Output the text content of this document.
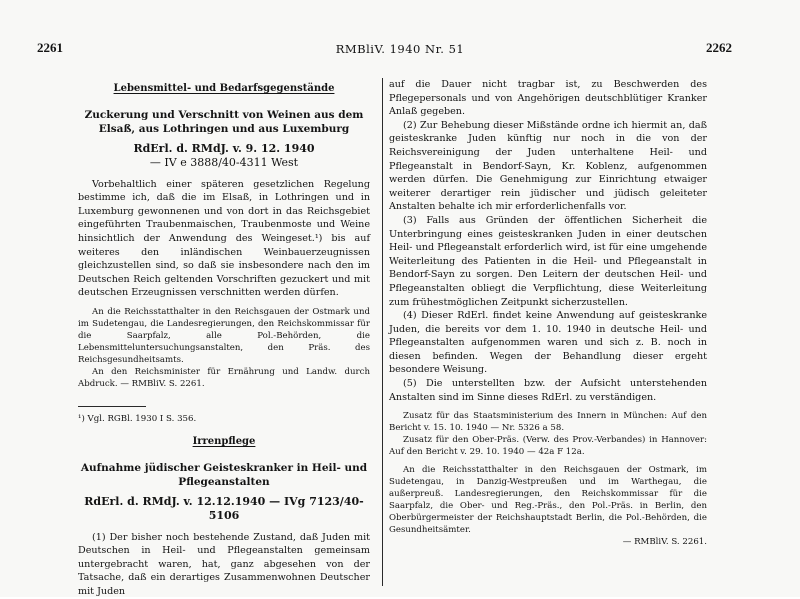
2261	RMBliV. 1940 Nr. 51	2262
Lebensmittel- und Bedarfsgegenstände
Zuckerung und Verschnitt von Weinen aus dem Elsaß, aus Lothringen und aus Luxemburg
RdErl. d. RMdJ. v. 9. 12. 1940
— IV e 3888/40-4311 West

Vorbehaltlich einer späteren gesetzlichen Regelung bestimme ich, daß die im Elsaß, in Lothringen und in Luxemburg gewonnenen und von dort in das Reichsgebiet eingeführten Traubenmaischen, Traubenmoste und Weine hinsichtlich der Anwendung des Weingeset.¹) bis auf weiteres den inländischen Weinbauerzeugnissen gleichzustellen sind, so daß sie insbesondere nach den im Deutschen Reich geltenden Vorschriften gezuckert und mit deutschen Erzeugnissen verschnitten werden dürfen.

An die Reichsstatthalter in den Reichsgauen der Ostmark und im Sudetengau, die Landesregierungen, den Reichskommissar für die Saarpfalz, alle Pol.-Behörden, die Lebensmitteluntersuchungsanstalten, den Präs. des Reichsgesundheitsamts.

An den Reichsminister für Ernährung und Landw. durch Abdruck. — RMBliV. S. 2261.

¹) Vgl. RGBl. 1930 I S. 356.

Irrenpflege
Aufnahme jüdischer Geisteskranker in Heil- und Pflegeanstalten
RdErl. d. RMdJ. v. 12.12.1940 — IVg 7123/40-5106

(1) Der bisher noch bestehende Zustand, daß Juden mit Deutschen in Heil- und Pflegeanstalten gemeinsam untergebracht waren, hat, ganz abgesehen von der Tatsache, daß ein derartiges Zusammenwohnen Deutscher mit Juden

auf die Dauer nicht tragbar ist, zu Beschwerden des Pflegepersonals und von Angehörigen deutschblütiger Kranker Anlaß gegeben.

(2) Zur Behebung dieser Mißstände ordne ich hiermit an, daß geisteskranke Juden künftig nur noch in die von der Reichsvereinigung der Juden unterhaltene Heil- und Pflegeanstalt in Bendorf-Sayn, Kr. Koblenz, aufgenommen werden dürfen. Die Genehmigung zur Einrichtung etwaiger weiterer derartiger rein jüdischer und jüdisch geleiteter Anstalten behalte ich mir erforderlichenfalls vor.

(3) Falls aus Gründen der öffentlichen Sicherheit die Unterbringung eines geisteskranken Juden in einer deutschen Heil- und Pflegeanstalt erforderlich wird, ist für eine umgehende Weiterleitung des Patienten in die Heil- und Pflegeanstalt in Bendorf-Sayn zu sorgen. Den Leitern der deutschen Heil- und Pflegeanstalten obliegt die Verpflichtung, diese Weiterleitung zum frühestmöglichen Zeitpunkt sicherzustellen.

(4) Dieser RdErl. findet keine Anwendung auf geisteskranke Juden, die bereits vor dem 1. 10. 1940 in deutsche Heil- und Pflegeanstalten aufgenommen waren und sich z. B. noch in diesen befinden. Wegen der Behandlung dieser ergeht besondere Weisung.

(5) Die unterstellten bzw. der Aufsicht unterstehenden Anstalten sind im Sinne dieses RdErl. zu verständigen.

Zusatz für das Staatsministerium des Innern in München: Auf den Bericht v. 15. 10. 1940 — Nr. 5326 a 58.

Zusatz für den Ober-Präs. (Verw. des Prov.-Verbandes) in Hannover: Auf den Bericht v. 29. 10. 1940 — 42a F 12a.

An die Reichsstatthalter in den Reichsgauen der Ostmark, im Sudetengau, in Danzig-Westpreußen und im Warthegau, die außerpreuß. Landesregierungen, den Reichskommissar für die Saarpfalz, die Ober- und Reg.-Präs., den Pol.-Präs. in Berlin, den Oberbürgermeister der Reichshauptstadt Berlin, die Pol.-Behörden, die Gesundheitsämter.

— RMBliV. S. 2261.
